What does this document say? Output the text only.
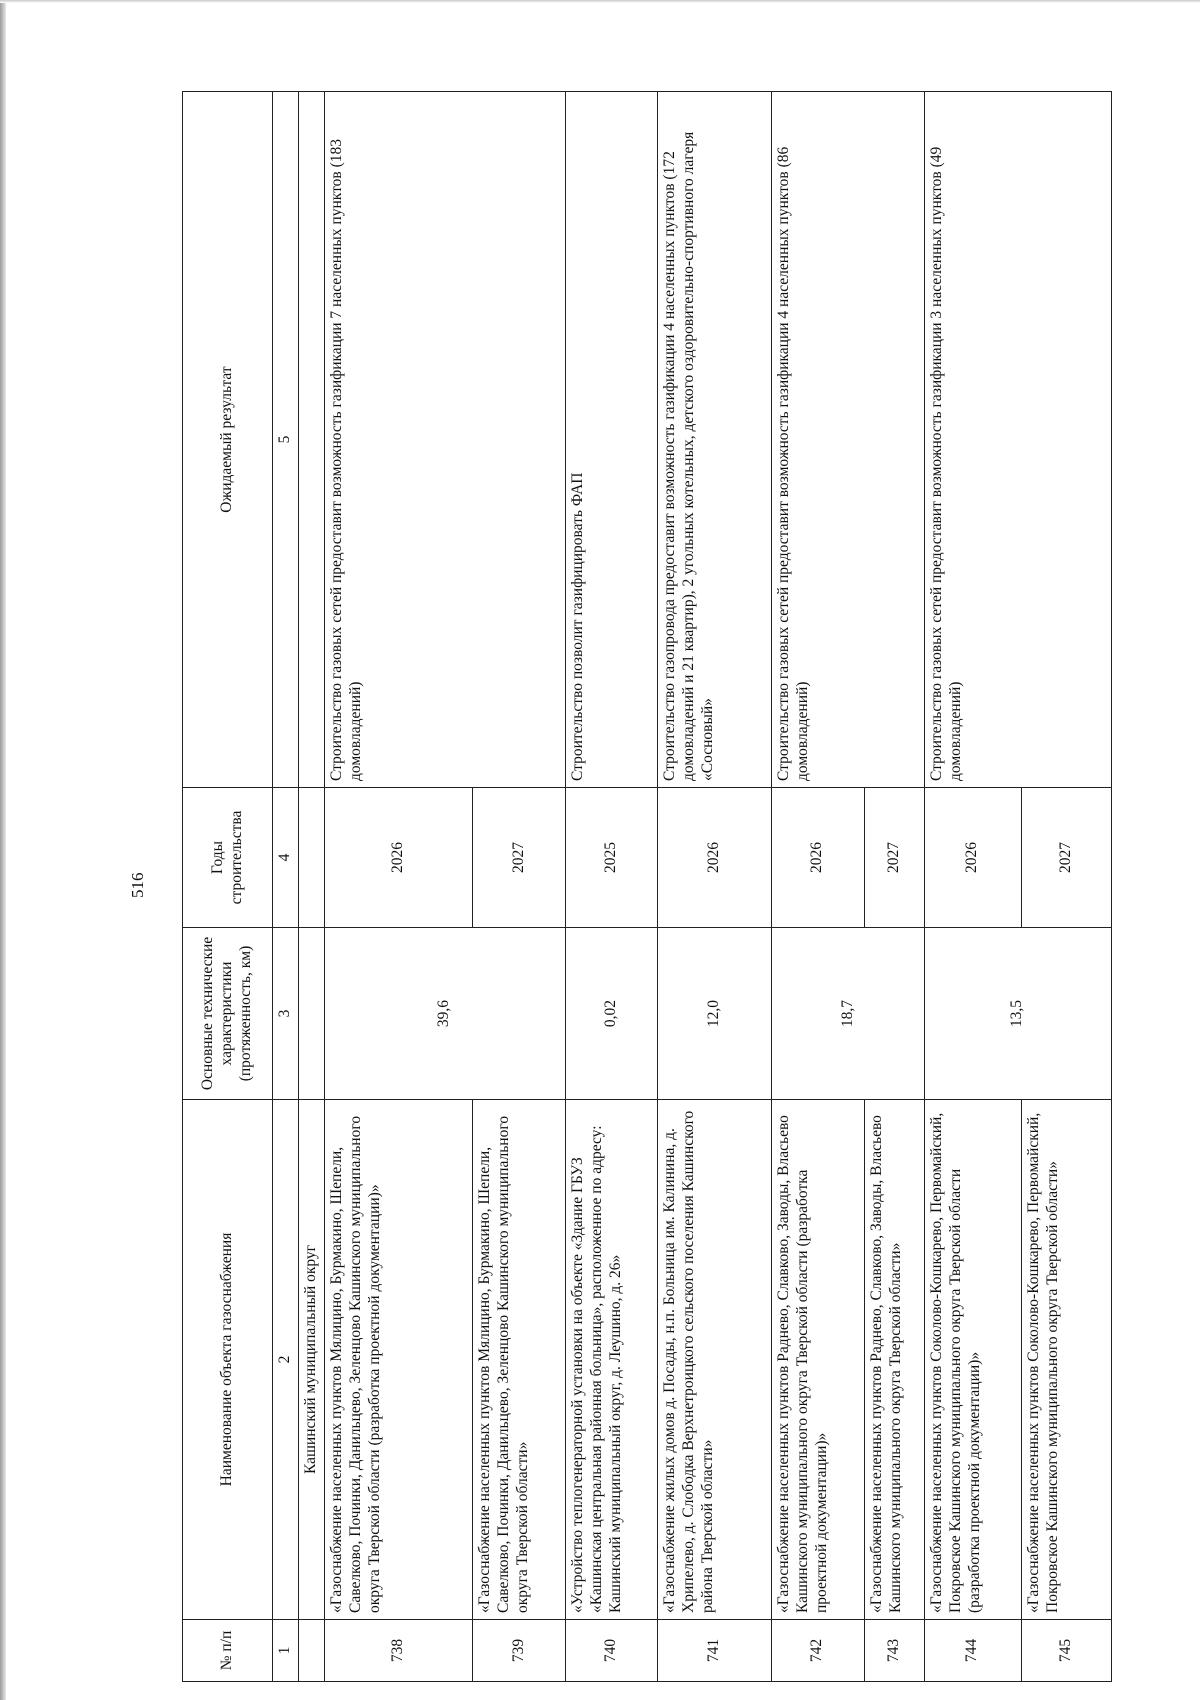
516
№ п/п	Наименование объекта газоснабжения	Основные технические характеристики (протяженность, км)	Годы строительства	Ожидаемый результат
1	2	3	4	5
	Кашинский муниципальный округ			
738	«Газоснабжение населенных пунктов Мялицино, Бурмакино, Шепели, Савелково, Починки, Данильцево, Зеленцово Кашинского муниципального округа Тверской области (разработка проектной документации)»	39,6	2026	Строительство газовых сетей предоставит возможность газификации 7 населенных пунктов (183 домовладений)
739	«Газоснабжение населенных пунктов Мялицино, Бурмакино, Шепели, Савелково, Починки, Данильцево, Зеленцово Кашинского муниципального округа Тверской области»		2027	
740	«Устройство теплогенераторной установки на объекте «Здание ГБУЗ «Кашинская центральная районная больница», расположенное по адресу: Кашинский муниципальный округ, д. Леушино, д. 26»	0,02	2025	Строительство позволит газифицировать ФАП
741	«Газоснабжение жилых домов д. Посады, н.п. Больница им. Калинина, д. Хрипелево, д. Слободка Верхнетроицкого сельского поселения Кашинского района Тверской области»	12,0	2026	Строительство газопровода предоставит возможность газификации 4 населенных пунктов (172 домовладений и 21 квартир), 2 угольных котельных, детского оздоровительно-спортивного лагеря «Сосновый»
742	«Газоснабжение населенных пунктов Раднево, Славково, Заводы, Власьево Кашинского муниципального округа Тверской области (разработка проектной документации)»	18,7	2026	Строительство газовых сетей предоставит возможность газификации 4 населенных пунктов (86 домовладений)
743	«Газоснабжение населенных пунктов Раднево, Славково, Заводы, Власьево Кашинского муниципального округа Тверской области»		2027	
744	«Газоснабжение населенных пунктов Соколово-Кошкарево, Первомайский, Покровское Кашинского муниципального округа Тверской области (разработка проектной документации)»	13,5	2026	Строительство газовых сетей предоставит возможность газификации 3 населенных пунктов (49 домовладений)
745	«Газоснабжение населенных пунктов Соколово-Кошкарево, Первомайский, Покровское Кашинского муниципального округа Тверской области»		2027	
